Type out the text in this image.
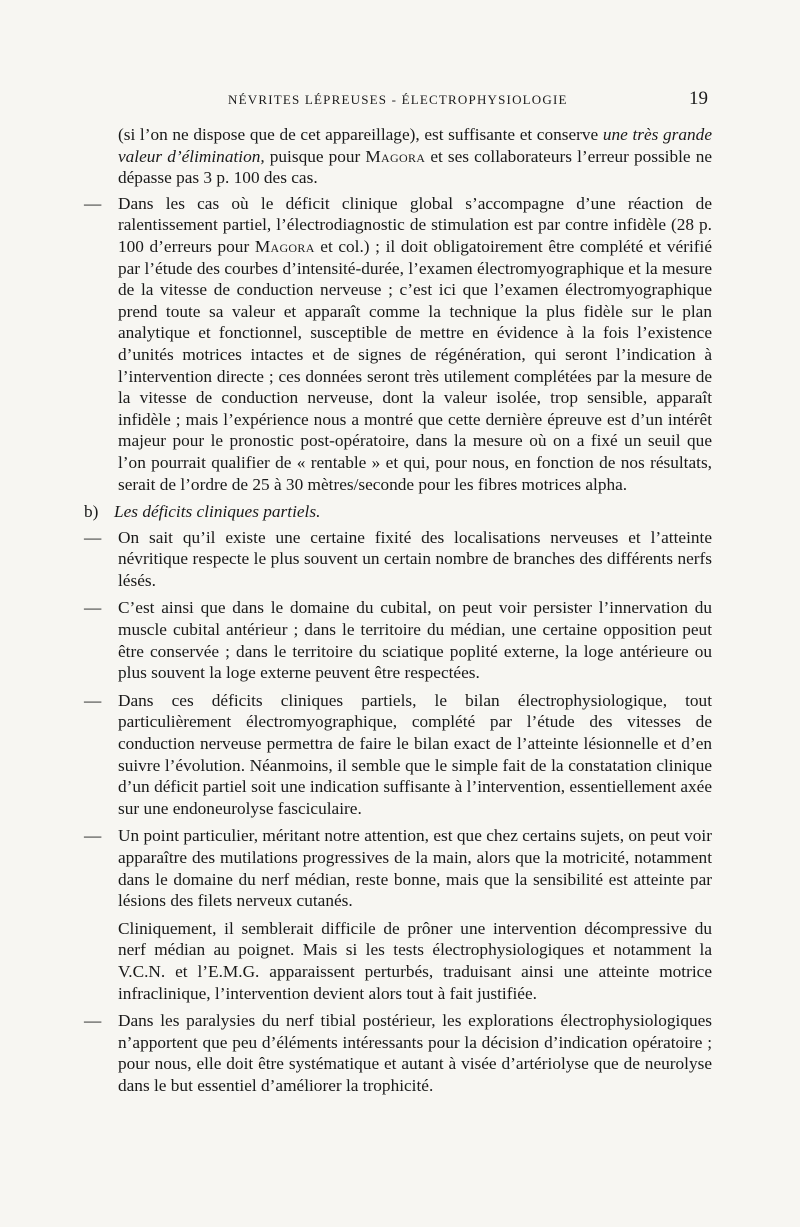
NÉVRITES LÉPREUSES - ÉLECTROPHYSIOLOGIE	19
(si l’on ne dispose que de cet appareillage), est suffisante et conserve une très grande valeur d’élimination, puisque pour Magora et ses collaborateurs l’erreur possible ne dépasse pas 3 p. 100 des cas.
— Dans les cas où le déficit clinique global s’accompagne d’une réaction de ralentissement partiel, l’électrodiagnostic de stimulation est par contre infidèle (28 p. 100 d’erreurs pour Magora et col.) ; il doit obligatoirement être complété et vérifié par l’étude des courbes d’intensité-durée, l’examen électromyographique et la mesure de la vitesse de conduction nerveuse ; c’est ici que l’examen électromyographique prend toute sa valeur et apparaît comme la technique la plus fidèle sur le plan analytique et fonctionnel, susceptible de mettre en évidence à la fois l’existence d’unités motrices intactes et de signes de régénération, qui seront l’indication à l’intervention directe ; ces données seront très utilement complétées par la mesure de la vitesse de conduction nerveuse, dont la valeur isolée, trop sensible, apparaît infidèle ; mais l’expérience nous a montré que cette dernière épreuve est d’un intérêt majeur pour le pronostic post-opératoire, dans la mesure où on a fixé un seuil que l’on pourrait qualifier de « rentable » et qui, pour nous, en fonction de nos résultats, serait de l’ordre de 25 à 30 mètres/seconde pour les fibres motrices alpha.
b) Les déficits cliniques partiels.
— On sait qu’il existe une certaine fixité des localisations nerveuses et l’atteinte névritique respecte le plus souvent un certain nombre de branches des différents nerfs lésés.
— C’est ainsi que dans le domaine du cubital, on peut voir persister l’innervation du muscle cubital antérieur ; dans le territoire du médian, une certaine opposition peut être conservée ; dans le territoire du sciatique poplité externe, la loge antérieure ou plus souvent la loge externe peuvent être respectées.
— Dans ces déficits cliniques partiels, le bilan électrophysiologique, tout particulièrement électromyographique, complété par l’étude des vitesses de conduction nerveuse permettra de faire le bilan exact de l’atteinte lésionnelle et d’en suivre l’évolution. Néanmoins, il semble que le simple fait de la constatation clinique d’un déficit partiel soit une indication suffisante à l’intervention, essentiellement axée sur une endoneurolyse fasciculaire.
— Un point particulier, méritant notre attention, est que chez certains sujets, on peut voir apparaître des mutilations progressives de la main, alors que la motricité, notamment dans le domaine du nerf médian, reste bonne, mais que la sensibilité est atteinte par lésions des filets nerveux cutanés.
Cliniquement, il semblerait difficile de prôner une intervention décompressive du nerf médian au poignet. Mais si les tests électrophysiologiques et notamment la V.C.N. et l’E.M.G. apparaissent perturbés, traduisant ainsi une atteinte motrice infraclinique, l’intervention devient alors tout à fait justifiée.
— Dans les paralysies du nerf tibial postérieur, les explorations électrophysiologiques n’apportent que peu d’éléments intéressants pour la décision d’indication opératoire ; pour nous, elle doit être systématique et autant à visée d’artériolyse que de neurolyse dans le but essentiel d’améliorer la trophicité.
